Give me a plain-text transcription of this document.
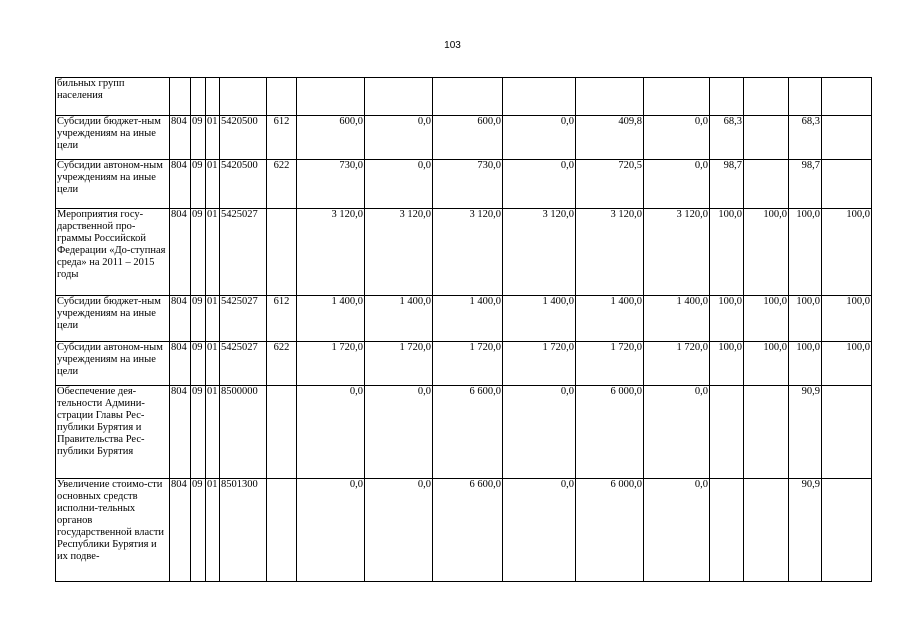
103
бильных групп населения															
Субсидии бюджет-ным учреждениям на иные цели	804	09	01	5420500	612	600,0	0,0	600,0	0,0	409,8	0,0	68,3		68,3	
Субсидии автоном-ным учреждениям на иные цели	804	09	01	5420500	622	730,0	0,0	730,0	0,0	720,5	0,0	98,7		98,7	
Мероприятия госу-дарственной про-граммы Российской Федерации «До-ступная среда» на 2011 – 2015 годы	804	09	01	5425027		3 120,0	3 120,0	3 120,0	3 120,0	3 120,0	3 120,0	100,0	100,0	100,0	100,0
Субсидии бюджет-ным учреждениям на иные цели	804	09	01	5425027	612	1 400,0	1 400,0	1 400,0	1 400,0	1 400,0	1 400,0	100,0	100,0	100,0	100,0
Субсидии автоном-ным учреждениям на иные цели	804	09	01	5425027	622	1 720,0	1 720,0	1 720,0	1 720,0	1 720,0	1 720,0	100,0	100,0	100,0	100,0
Обеспечение дея-тельности Админи-страции Главы Рес-публики Бурятия и Правительства Рес-публики Бурятия	804	09	01	8500000		0,0	0,0	6 600,0	0,0	6 000,0	0,0			90,9	
Увеличение стоимо-сти основных средств исполни-тельных органов государственной власти Республики Бурятия и их подве-	804	09	01	8501300		0,0	0,0	6 600,0	0,0	6 000,0	0,0			90,9	
